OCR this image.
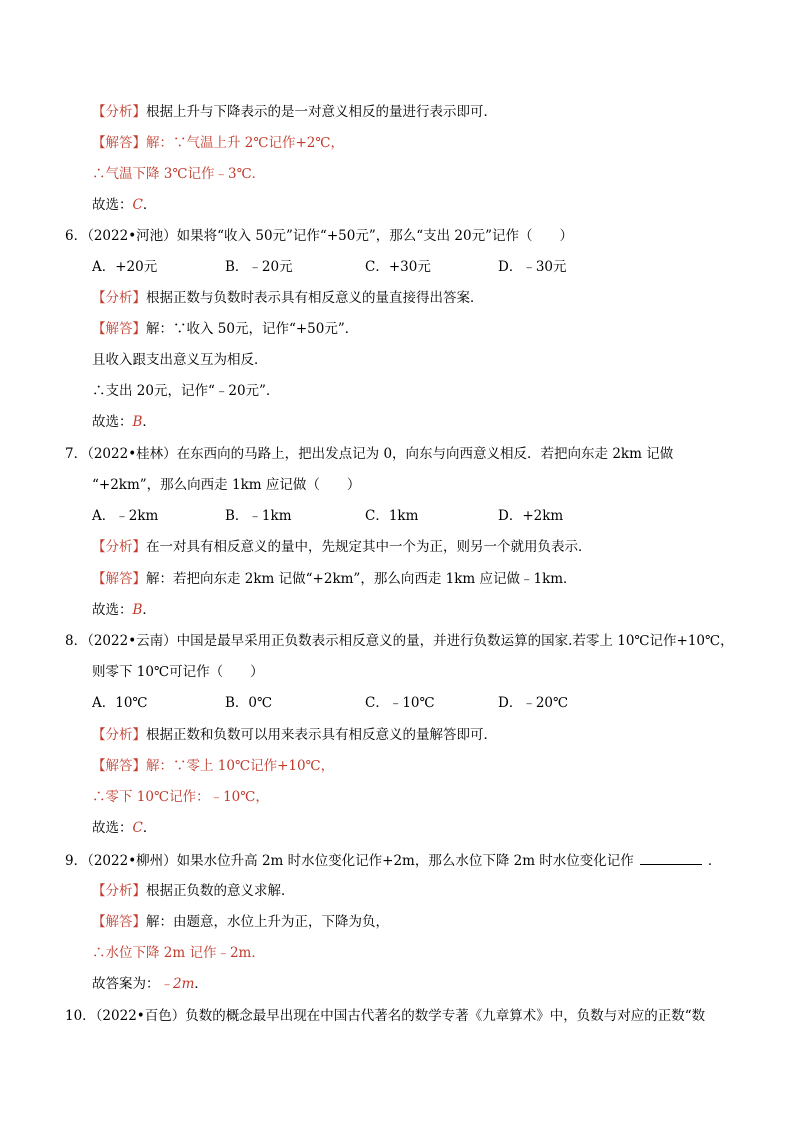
【分析】根据上升与下降表示的是一对意义相反的量进行表示即可．
【解答】解：∵气温上升 2℃记作+2℃，
∴气温下降 3℃记作﹣3℃．
故选：C．
6．（2022•河池）如果将“收入 50元”记作“+50元”，那么“支出 20元”记作（　　）
A．+20元	B．﹣20元	C．+30元	D．﹣30元
【分析】根据正数与负数时表示具有相反意义的量直接得出答案．
【解答】解：∵收入 50元，记作“+50元”．
且收入跟支出意义互为相反．
∴支出 20元，记作“﹣20元”．
故选：B．
7．（2022•桂林）在东西向的马路上，把出发点记为 0，向东与向西意义相反．若把向东走 2km 记做
“+2km”，那么向西走 1km 应记做（　　）
A．﹣2km	B．﹣1km	C．1km	D．+2km
【分析】在一对具有相反意义的量中，先规定其中一个为正，则另一个就用负表示．
【解答】解：若把向东走 2km 记做“+2km”，那么向西走 1km 应记做﹣1km．
故选：B．
8．（2022•云南）中国是最早采用正负数表示相反意义的量，并进行负数运算的国家.若零上 10℃记作+10℃，
则零下 10℃可记作（　　）
A．10℃	B．0℃	C．﹣10℃	D．﹣20℃
【分析】根据正数和负数可以用来表示具有相反意义的量解答即可．
【解答】解：∵零上 10℃记作+10℃，
∴零下 10℃记作：﹣10℃，
故选：C．
9．（2022•柳州）如果水位升高 2m 时水位变化记作+2m，那么水位下降 2m 时水位变化记作	．
【分析】根据正负数的意义求解．
【解答】解：由题意，水位上升为正，下降为负，
∴水位下降 2m 记作﹣2m．
故答案为：﹣2m．
10．（2022•百色）负数的概念最早出现在中国古代著名的数学专著《九章算术》中，负数与对应的正数“数
